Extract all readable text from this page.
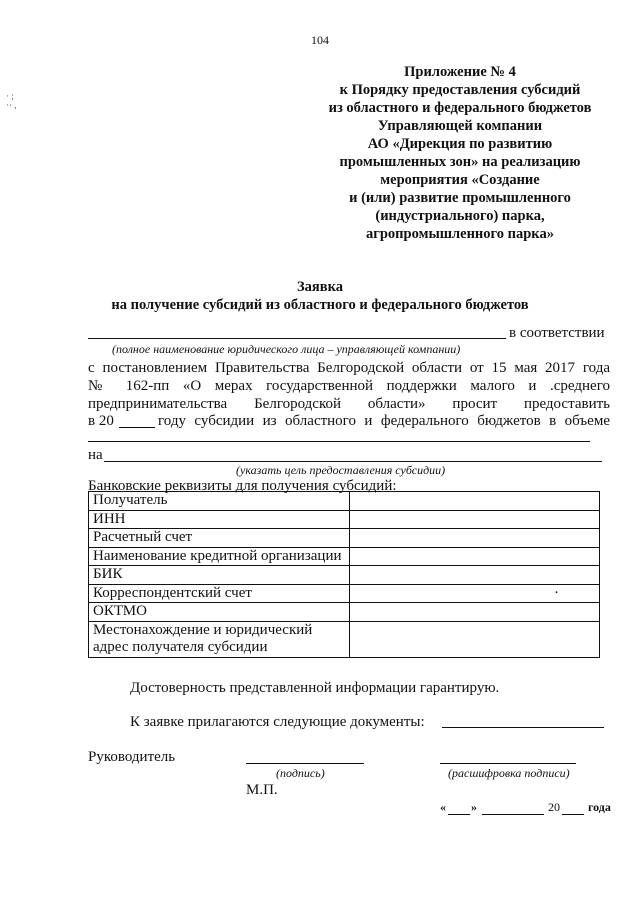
104
· ;
·· ,
Приложение № 4
к Порядку предоставления субсидий
из областного и федерального бюджетов
Управляющей компании
АО «Дирекция по развитию
промышленных зон» на реализацию
мероприятия «Создание
и (или) развитие промышленного
(индустриального) парка,
агропромышленного парка»
Заявка
на получение субсидий из областного и федерального бюджетов
в соответствии
(полное наименование юридического лица – управляющей компании)
с постановлением Правительства Белгородской области от 15 мая 2017 года
№ 162-пп «О мерах государственной поддержки малого и .среднего
предпринимательства Белгородской области» просит предоставить
в 20	году субсидии из областного и федерального бюджетов в объеме
на
(указать цель предоставления субсидии)
Банковские реквизиты для получения субсидий:
Получатель	
ИНН	
Расчетный счет	
Наименование кредитной организации	
БИК	
Корреспондентский счет	·
ОКТМО	
Местонахождение и юридический адрес получателя субсидии	
Достоверность представленной информации гарантирую.
К заявке прилагаются следующие документы:
Руководитель
(подпись)	(расшифровка подписи)
М.П.
« »	20 года
